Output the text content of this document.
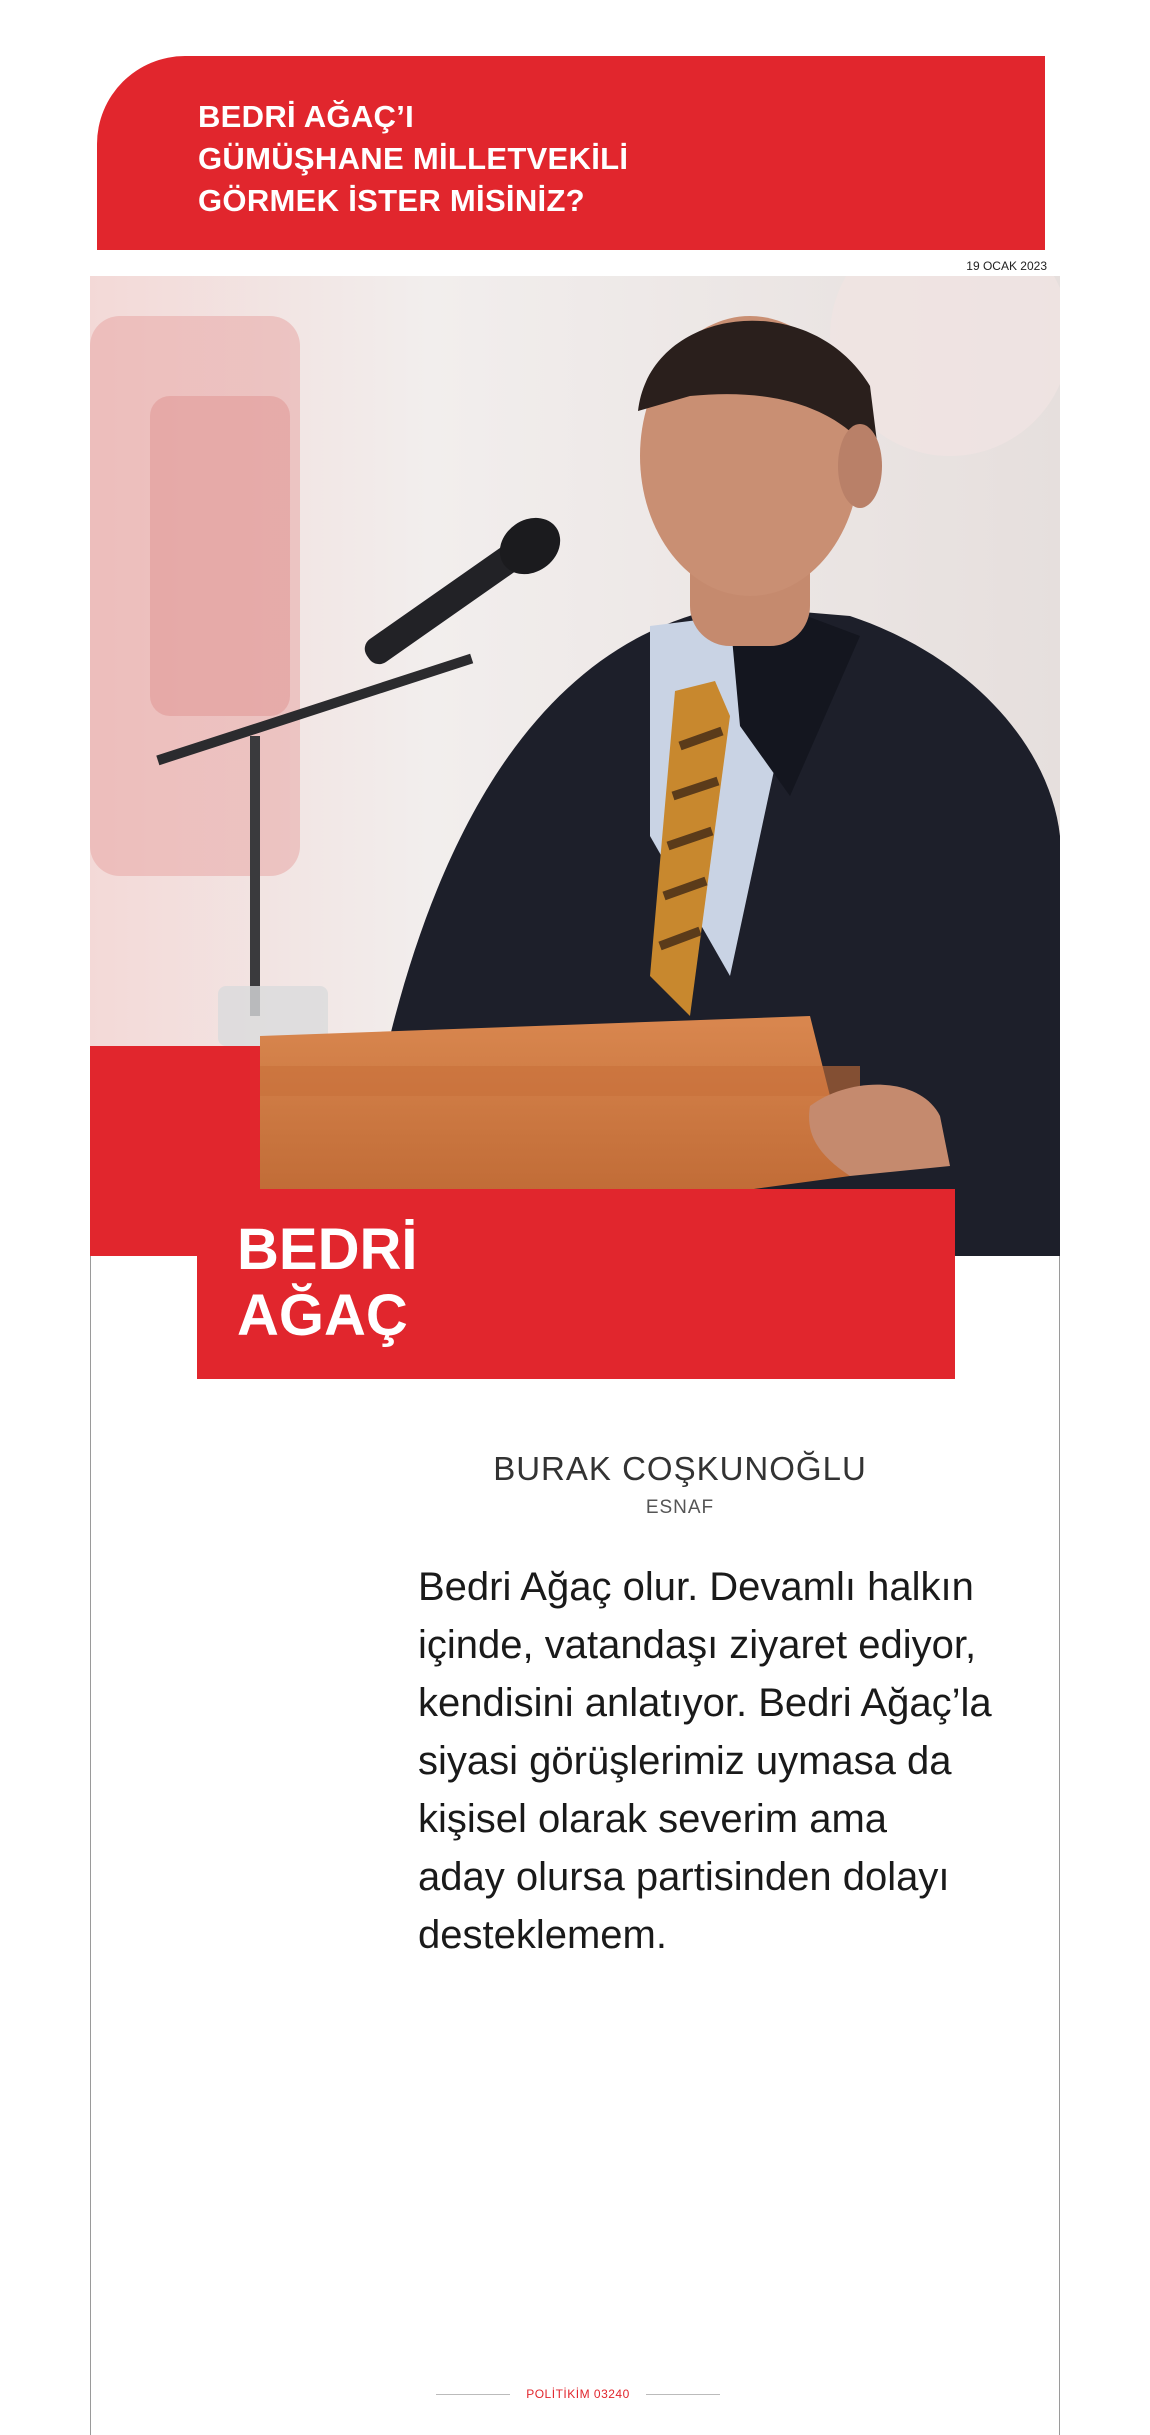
BEDRİ AĞAÇ’I
GÜMÜŞHANE MİLLETVEKİLİ
GÖRMEK İSTER MİSİNİZ?
19 OCAK 2023
BEDRİ
AĞAÇ
BURAK COŞKUNOĞLU
ESNAF

Bedri Ağaç olur. Devamlı halkın
içinde, vatandaşı ziyaret ediyor,
kendisini anlatıyor. Bedri Ağaç’la
siyasi görüşlerimiz uymasa da
kişisel olarak severim ama
aday olursa partisinden dolayı
desteklemem.

POLİTİKİM 03240
